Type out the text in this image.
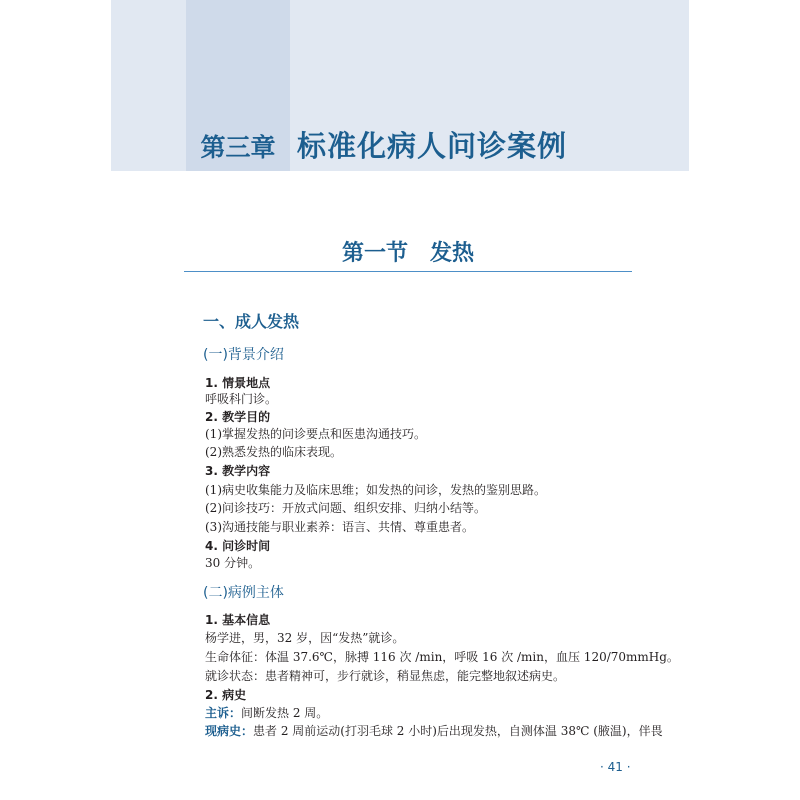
第三章 标准化病人问诊案例
第一节　发热
一、成人发热
(一)背景介绍
1. 情景地点
呼吸科门诊。
2. 教学目的
(1)掌握发热的问诊要点和医患沟通技巧。
(2)熟悉发热的临床表现。
3. 教学内容
(1)病史收集能力及临床思维；如发热的问诊，发热的鉴别思路。
(2)问诊技巧：开放式问题、组织安排、归纳小结等。
(3)沟通技能与职业素养：语言、共情、尊重患者。
4. 问诊时间
30 分钟。
(二)病例主体
1. 基本信息
杨学进，男，32 岁，因“发热”就诊。
生命体征：体温 37.6℃，脉搏 116 次 /min，呼吸 16 次 /min，血压 120/70mmHg。
就诊状态：患者精神可，步行就诊，稍显焦虑，能完整地叙述病史。
2. 病史
主诉：间断发热 2 周。
现病史：患者 2 周前运动(打羽毛球 2 小时)后出现发热，自测体温 38℃ (腋温)，伴畏
· 41 ·
